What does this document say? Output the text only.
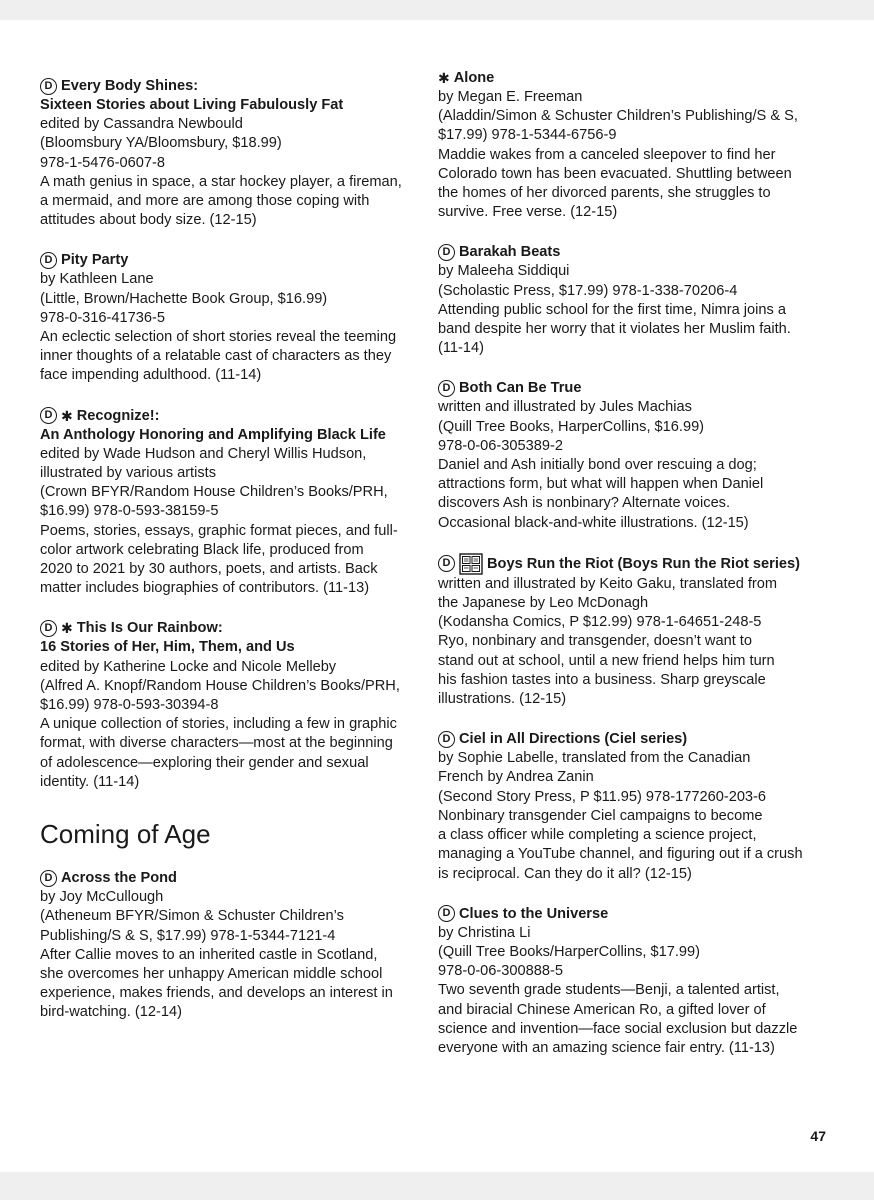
D Every Body Shines:
Sixteen Stories about Living Fabulously Fat
edited by Cassandra Newbould
(Bloomsbury YA/Bloomsbury, $18.99)
978-1-5476-0607-8
A math genius in space, a star hockey player, a fireman,
a mermaid, and more are among those coping with
attitudes about body size. (12-15)
D Pity Party
by Kathleen Lane
(Little, Brown/Hachette Book Group, $16.99)
978-0-316-41736-5
An eclectic selection of short stories reveal the teeming
inner thoughts of a relatable cast of characters as they
face impending adulthood. (11-14)
D ✱ Recognize!:
An Anthology Honoring and Amplifying Black Life
edited by Wade Hudson and Cheryl Willis Hudson,
illustrated by various artists
(Crown BFYR/Random House Children’s Books/PRH,
$16.99) 978-0-593-38159-5
Poems, stories, essays, graphic format pieces, and full-
color artwork celebrating Black life, produced from
2020 to 2021 by 30 authors, poets, and artists. Back
matter includes biographies of contributors. (11-13)
D ✱ This Is Our Rainbow:
16 Stories of Her, Him, Them, and Us
edited by Katherine Locke and Nicole Melleby
(Alfred A. Knopf/Random House Children’s Books/PRH,
$16.99) 978-0-593-30394-8
A unique collection of stories, including a few in graphic
format, with diverse characters—most at the beginning
of adolescence—exploring their gender and sexual
identity. (11-14)
Coming of Age
D Across the Pond
by Joy McCullough
(Atheneum BFYR/Simon & Schuster Children’s
Publishing/S & S, $17.99) 978-1-5344-7121-4
After Callie moves to an inherited castle in Scotland,
she overcomes her unhappy American middle school
experience, makes friends, and develops an interest in
bird-watching. (12-14)
✱ Alone
by Megan E. Freeman
(Aladdin/Simon & Schuster Children’s Publishing/S & S,
$17.99) 978-1-5344-6756-9
Maddie wakes from a canceled sleepover to find her
Colorado town has been evacuated. Shuttling between
the homes of her divorced parents, she struggles to
survive. Free verse. (12-15)
D Barakah Beats
by Maleeha Siddiqui
(Scholastic Press, $17.99) 978-1-338-70206-4
Attending public school for the first time, Nimra joins a
band despite her worry that it violates her Muslim faith.
(11-14)
D Both Can Be True
written and illustrated by Jules Machias
(Quill Tree Books, HarperCollins, $16.99)
978-0-06-305389-2
Daniel and Ash initially bond over rescuing a dog;
attractions form, but what will happen when Daniel
discovers Ash is nonbinary? Alternate voices.
Occasional black-and-white illustrations. (12-15)
D	Boys Run the Riot (Boys Run the Riot series)
written and illustrated by Keito Gaku, translated from
the Japanese by Leo McDonagh
(Kodansha Comics, P $12.99) 978-1-64651-248-5
Ryo, nonbinary and transgender, doesn’t want to
stand out at school, until a new friend helps him turn
his fashion tastes into a business. Sharp greyscale
illustrations. (12-15)
D Ciel in All Directions (Ciel series)
by Sophie Labelle, translated from the Canadian
French by Andrea Zanin
(Second Story Press, P $11.95) 978-177260-203-6
Nonbinary transgender Ciel campaigns to become
a class officer while completing a science project,
managing a YouTube channel, and figuring out if a crush
is reciprocal. Can they do it all? (12-15)
D Clues to the Universe
by Christina Li
(Quill Tree Books/HarperCollins, $17.99)
978-0-06-300888-5
Two seventh grade students—Benji, a talented artist,
and biracial Chinese American Ro, a gifted lover of
science and invention—face social exclusion but dazzle
everyone with an amazing science fair entry. (11-13)
47
